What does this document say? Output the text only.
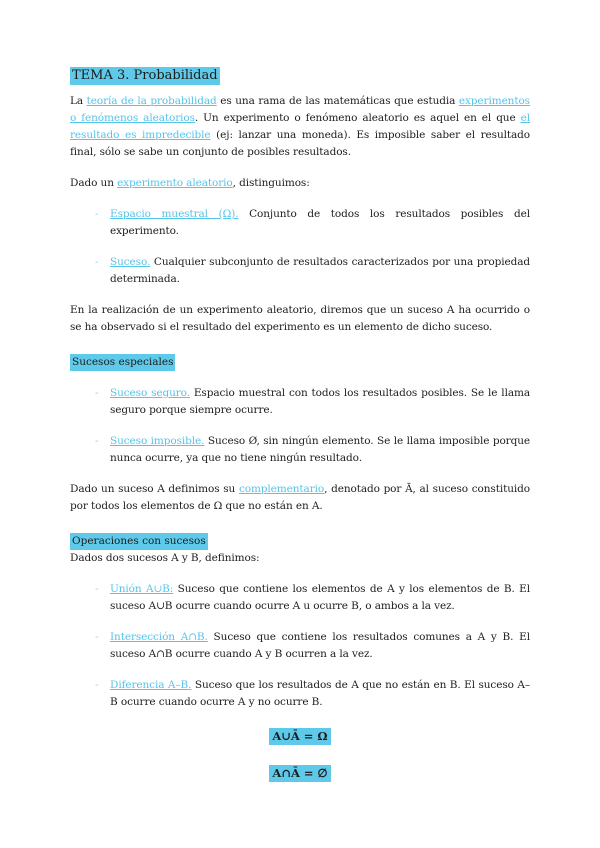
TEMA 3. Probabilidad

La teoría de la probabilidad es una rama de las matemáticas que estudia experimentos o fenómenos aleatorios. Un experimento o fenómeno aleatorio es aquel en el que el resultado es impredecible (ej: lanzar una moneda). Es imposible saber el resultado final, sólo se sabe un conjunto de posibles resultados.

Dado un experimento aleatorio, distinguimos:

-	Espacio muestral (Ω). Conjunto de todos los resultados posibles del experimento.

-	Suceso. Cualquier subconjunto de resultados caracterizados por una propiedad determinada.

En la realización de un experimento aleatorio, diremos que un suceso A ha ocurrido o se ha observado si el resultado del experimento es un elemento de dicho suceso.

Sucesos especiales
-	Suceso seguro. Espacio muestral con todos los resultados posibles. Se le llama seguro porque siempre ocurre.

-	Suceso imposible. Suceso Ø, sin ningún elemento. Se le llama imposible porque nunca ocurre, ya que no tiene ningún resultado.

Dado un suceso A definimos su complementario, denotado por Ā, al suceso constituido por todos los elementos de Ω que no están en A.

Operaciones con sucesos

Dados dos sucesos A y B, definimos:

-	Unión A∪B: Suceso que contiene los elementos de A y los elementos de B. El suceso A∪B ocurre cuando ocurre A u ocurre B, o ambos a la vez.

-	Intersección A∩B. Suceso que contiene los resultados comunes a A y B. El suceso A∩B ocurre cuando A y B ocurren a la vez.

-	Diferencia A–B. Suceso que los resultados de A que no están en B. El suceso A–B ocurre cuando ocurre A y no ocurre B.

A∪Ā = Ω
A∩Ā = ∅
